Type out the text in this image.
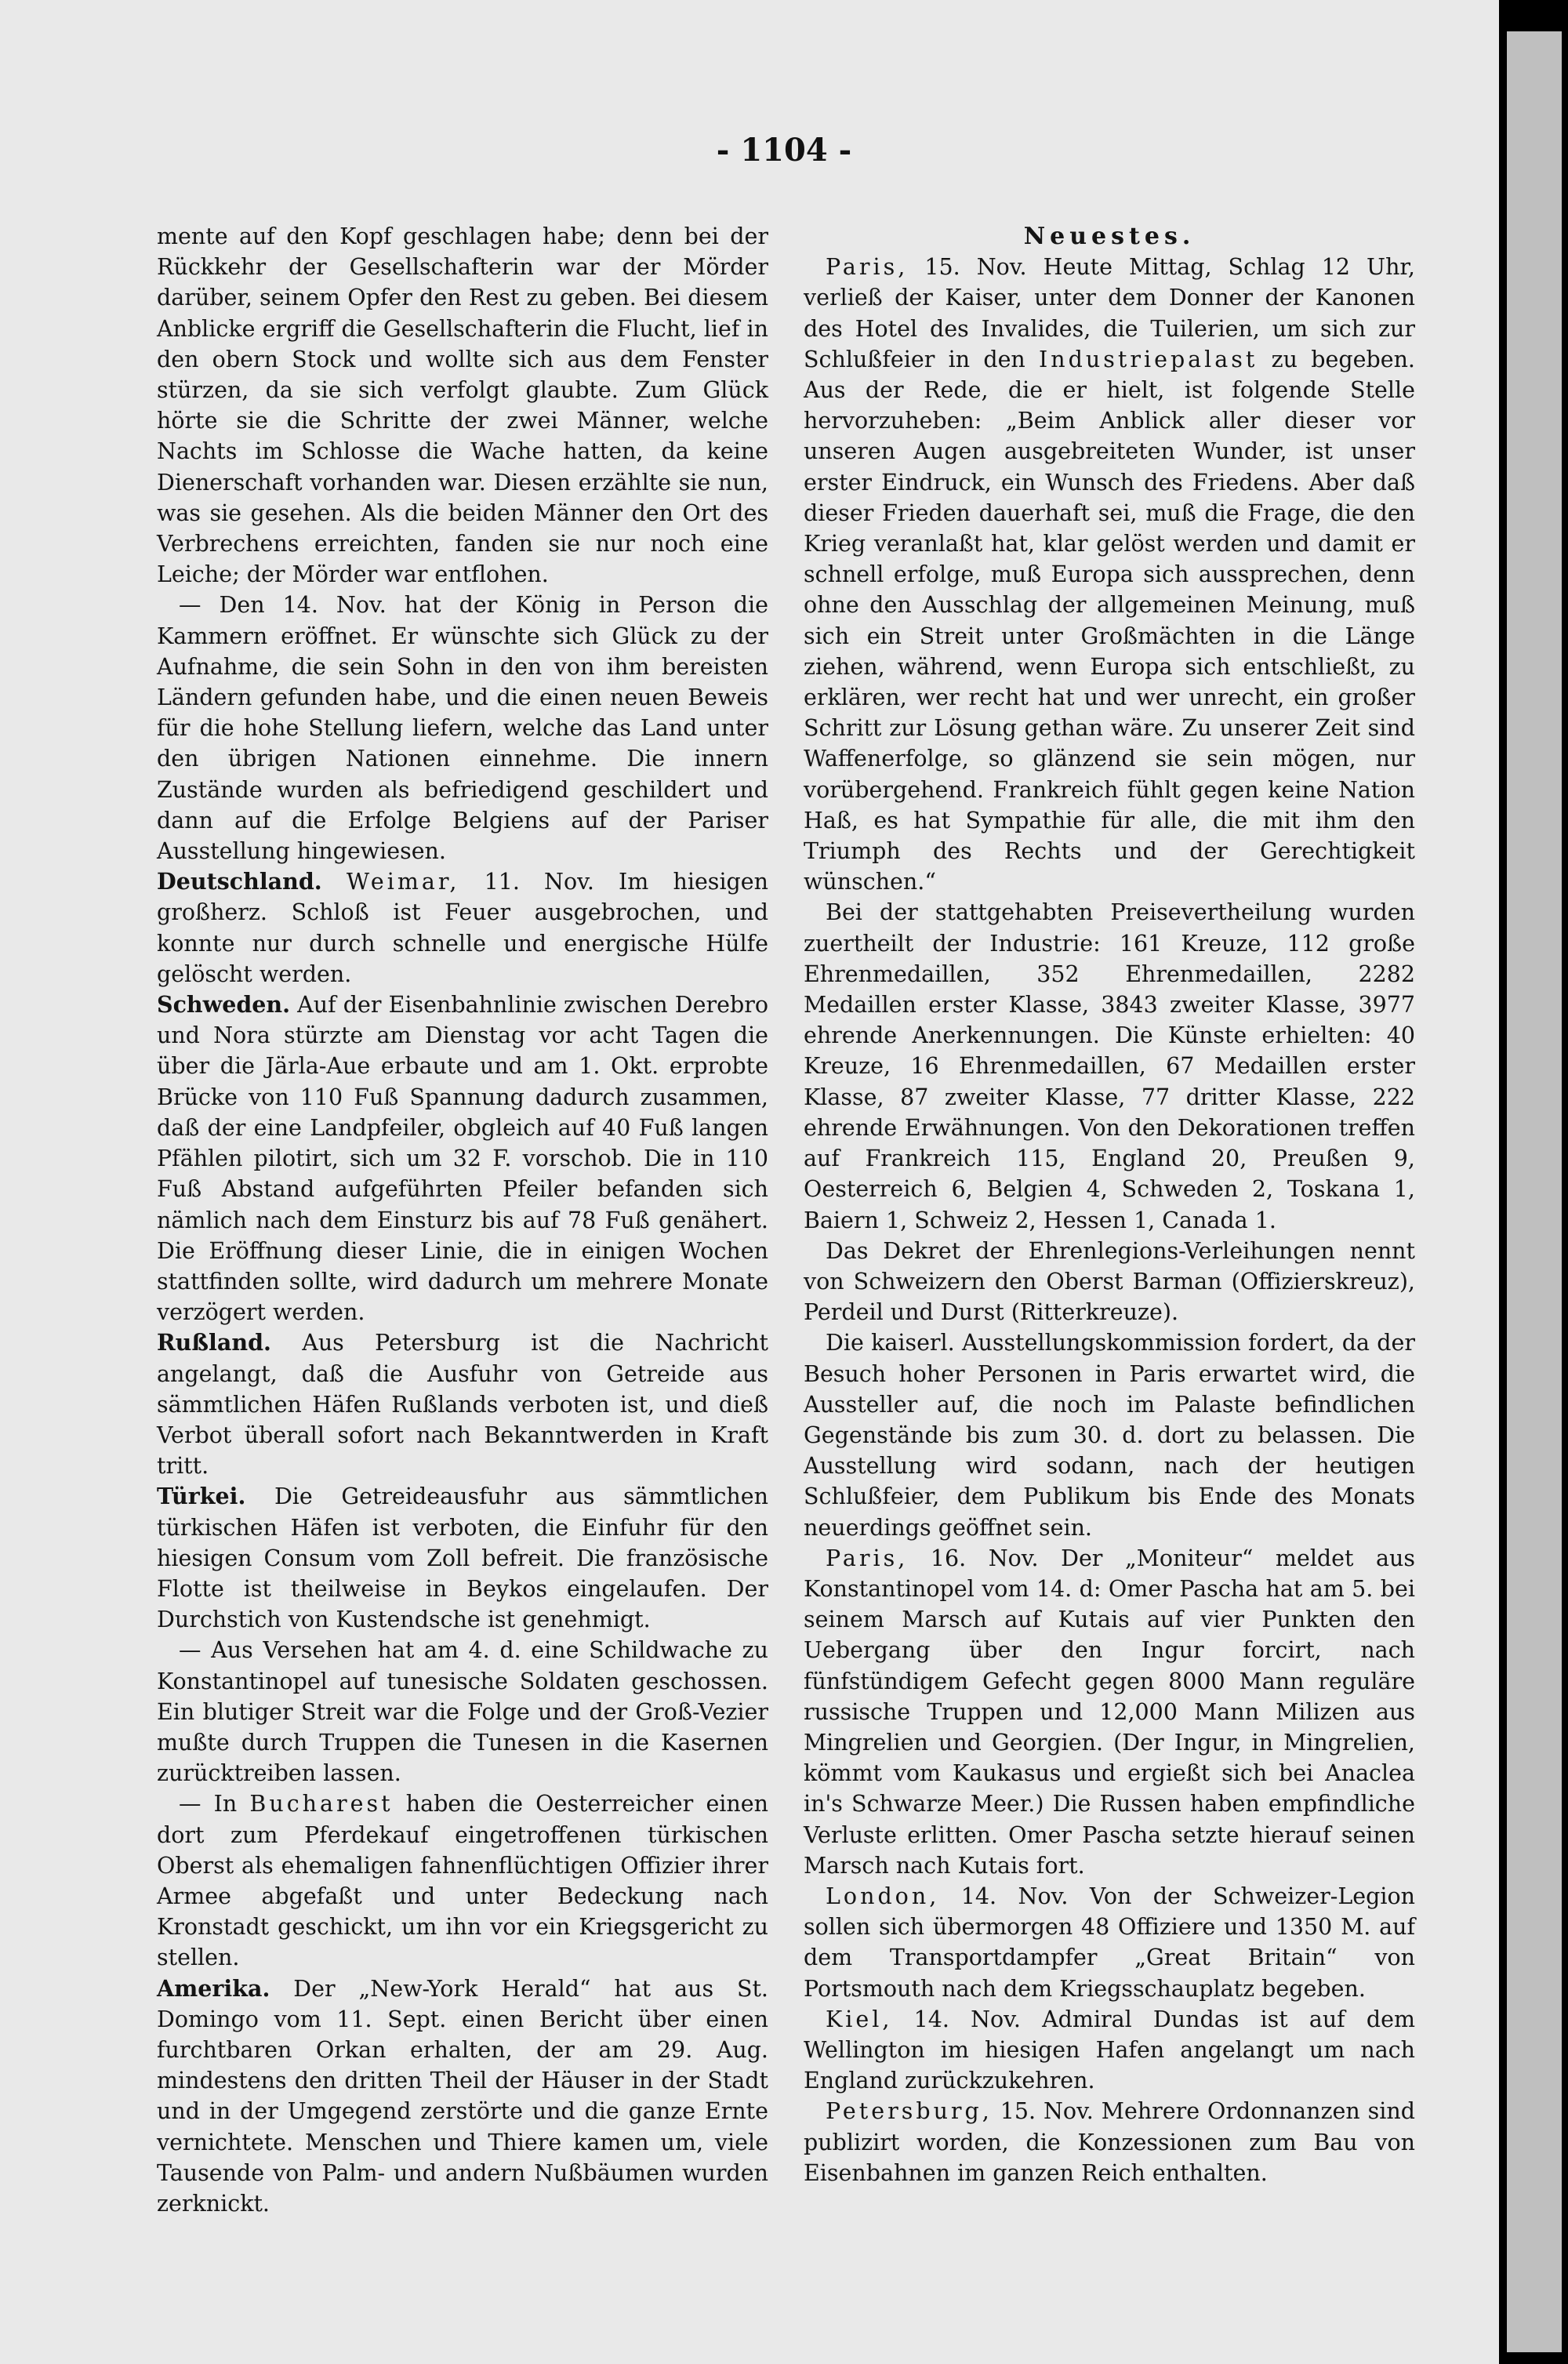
- 1104 -

mente auf den Kopf geschlagen habe; denn bei der Rückkehr der Gesellschafterin war der Mörder darüber, seinem Opfer den Rest zu geben. Bei diesem Anblicke ergriff die Gesellschafterin die Flucht, lief in den obern Stock und wollte sich aus dem Fenster stürzen, da sie sich verfolgt glaubte. Zum Glück hörte sie die Schritte der zwei Männer, welche Nachts im Schlosse die Wache hatten, da keine Dienerschaft vorhanden war. Diesen erzählte sie nun, was sie gesehen. Als die beiden Männer den Ort des Verbrechens erreichten, fanden sie nur noch eine Leiche; der Mörder war entflohen.

— Den 14. Nov. hat der König in Person die Kammern eröffnet. Er wünschte sich Glück zu der Aufnahme, die sein Sohn in den von ihm bereisten Ländern gefunden habe, und die einen neuen Beweis für die hohe Stellung liefern, welche das Land unter den übrigen Nationen einnehme. Die innern Zustände wurden als befriedigend geschildert und dann auf die Erfolge Belgiens auf der Pariser Ausstellung hingewiesen.

Deutschland. Weimar, 11. Nov. Im hiesigen großherz. Schloß ist Feuer ausgebrochen, und konnte nur durch schnelle und energische Hülfe gelöscht werden.

Schweden. Auf der Eisenbahnlinie zwischen Derebro und Nora stürzte am Dienstag vor acht Tagen die über die Järla-Aue erbaute und am 1. Okt. erprobte Brücke von 110 Fuß Spannung dadurch zusammen, daß der eine Landpfeiler, obgleich auf 40 Fuß langen Pfählen pilotirt, sich um 32 F. vorschob. Die in 110 Fuß Abstand aufgeführten Pfeiler befanden sich nämlich nach dem Einsturz bis auf 78 Fuß genähert. Die Eröffnung dieser Linie, die in einigen Wochen stattfinden sollte, wird dadurch um mehrere Monate verzögert werden.

Rußland. Aus Petersburg ist die Nachricht angelangt, daß die Ausfuhr von Getreide aus sämmtlichen Häfen Rußlands verboten ist, und dieß Verbot überall sofort nach Bekanntwerden in Kraft tritt.

Türkei. Die Getreideausfuhr aus sämmtlichen türkischen Häfen ist verboten, die Einfuhr für den hiesigen Consum vom Zoll befreit. Die französische Flotte ist theilweise in Beykos eingelaufen. Der Durchstich von Kustendsche ist genehmigt.

— Aus Versehen hat am 4. d. eine Schildwache zu Konstantinopel auf tunesische Soldaten geschossen. Ein blutiger Streit war die Folge und der Groß-Vezier mußte durch Truppen die Tunesen in die Kasernen zurücktreiben lassen.

— In Bucharest haben die Oesterreicher einen dort zum Pferdekauf eingetroffenen türkischen Oberst als ehemaligen fahnenflüchtigen Offizier ihrer Armee abgefaßt und unter Bedeckung nach Kronstadt geschickt, um ihn vor ein Kriegsgericht zu stellen.

Amerika. Der „New-York Herald“ hat aus St. Domingo vom 11. Sept. einen Bericht über einen furchtbaren Orkan erhalten, der am 29. Aug. mindestens den dritten Theil der Häuser in der Stadt und in der Umgegend zerstörte und die ganze Ernte vernichtete. Menschen und Thiere kamen um, viele Tausende von Palm- und andern Nußbäumen wurden zerknickt.

Neuestes.

Paris, 15. Nov. Heute Mittag, Schlag 12 Uhr, verließ der Kaiser, unter dem Donner der Kanonen des Hotel des Invalides, die Tuilerien, um sich zur Schlußfeier in den Industriepalast zu begeben. Aus der Rede, die er hielt, ist folgende Stelle hervorzuheben: „Beim Anblick aller dieser vor unseren Augen ausgebreiteten Wunder, ist unser erster Eindruck, ein Wunsch des Friedens. Aber daß dieser Frieden dauerhaft sei, muß die Frage, die den Krieg veranlaßt hat, klar gelöst werden und damit er schnell erfolge, muß Europa sich aussprechen, denn ohne den Ausschlag der allgemeinen Meinung, muß sich ein Streit unter Großmächten in die Länge ziehen, während, wenn Europa sich entschließt, zu erklären, wer recht hat und wer unrecht, ein großer Schritt zur Lösung gethan wäre. Zu unserer Zeit sind Waffenerfolge, so glänzend sie sein mögen, nur vorübergehend. Frankreich fühlt gegen keine Nation Haß, es hat Sympathie für alle, die mit ihm den Triumph des Rechts und der Gerechtigkeit wünschen.“

Bei der stattgehabten Preisevertheilung wurden zuertheilt der Industrie: 161 Kreuze, 112 große Ehrenmedaillen, 352 Ehrenmedaillen, 2282 Medaillen erster Klasse, 3843 zweiter Klasse, 3977 ehrende Anerkennungen. Die Künste erhielten: 40 Kreuze, 16 Ehrenmedaillen, 67 Medaillen erster Klasse, 87 zweiter Klasse, 77 dritter Klasse, 222 ehrende Erwähnungen. Von den Dekorationen treffen auf Frankreich 115, England 20, Preußen 9, Oesterreich 6, Belgien 4, Schweden 2, Toskana 1, Baiern 1, Schweiz 2, Hessen 1, Canada 1.

Das Dekret der Ehrenlegions-Verleihungen nennt von Schweizern den Oberst Barman (Offizierskreuz), Perdeil und Durst (Ritterkreuze).

Die kaiserl. Ausstellungskommission fordert, da der Besuch hoher Personen in Paris erwartet wird, die Aussteller auf, die noch im Palaste befindlichen Gegenstände bis zum 30. d. dort zu belassen. Die Ausstellung wird sodann, nach der heutigen Schlußfeier, dem Publikum bis Ende des Monats neuerdings geöffnet sein.

Paris, 16. Nov. Der „Moniteur“ meldet aus Konstantinopel vom 14. d: Omer Pascha hat am 5. bei seinem Marsch auf Kutais auf vier Punkten den Uebergang über den Ingur forcirt, nach fünfstündigem Gefecht gegen 8000 Mann reguläre russische Truppen und 12,000 Mann Milizen aus Mingrelien und Georgien. (Der Ingur, in Mingrelien, kömmt vom Kaukasus und ergießt sich bei Anaclea in's Schwarze Meer.) Die Russen haben empfindliche Verluste erlitten. Omer Pascha setzte hierauf seinen Marsch nach Kutais fort.

London, 14. Nov. Von der Schweizer-Legion sollen sich übermorgen 48 Offiziere und 1350 M. auf dem Transportdampfer „Great Britain“ von Portsmouth nach dem Kriegsschauplatz begeben.

Kiel, 14. Nov. Admiral Dundas ist auf dem Wellington im hiesigen Hafen angelangt um nach England zurückzukehren.

Petersburg, 15. Nov. Mehrere Ordonnanzen sind publizirt worden, die Konzessionen zum Bau von Eisenbahnen im ganzen Reich enthalten.
